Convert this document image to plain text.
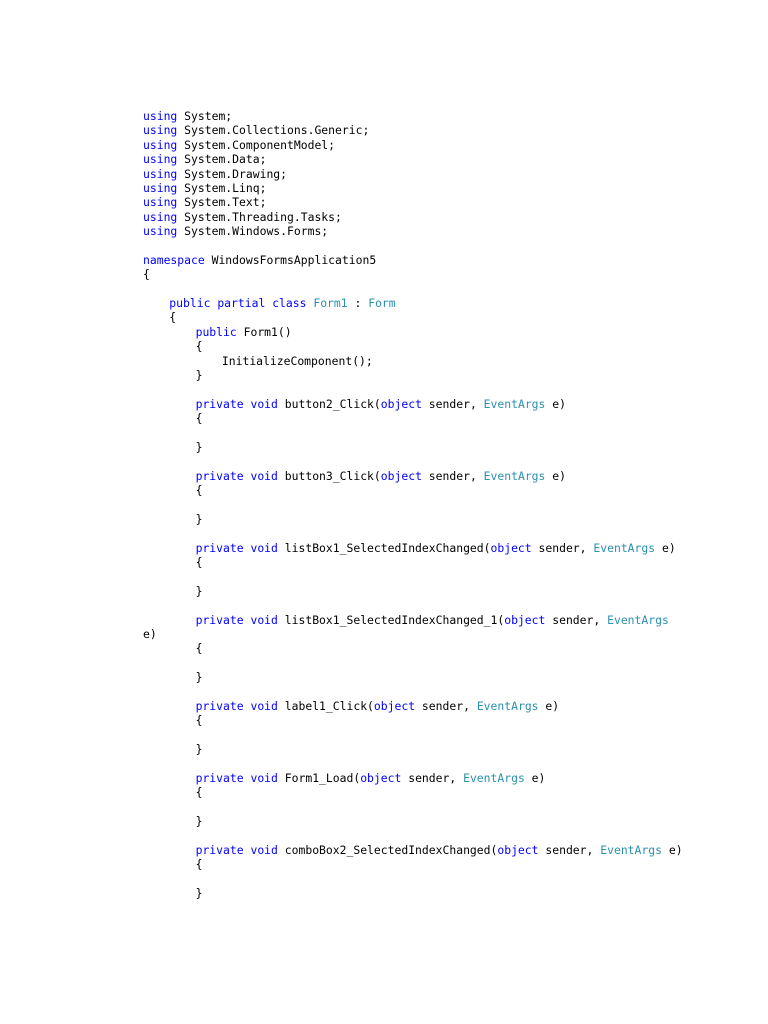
using System;
using System.Collections.Generic;
using System.ComponentModel;
using System.Data;
using System.Drawing;
using System.Linq;
using System.Text;
using System.Threading.Tasks;
using System.Windows.Forms;
namespace WindowsFormsApplication5
{
public partial class Form1 : Form
{
public Form1()
{
InitializeComponent();
}
private void button2_Click(object sender, EventArgs e)
{
}
private void button3_Click(object sender, EventArgs e)
{
}
private void listBox1_SelectedIndexChanged(object sender, EventArgs e)
{
}
private void listBox1_SelectedIndexChanged_1(object sender, EventArgs
e)
{
}
private void label1_Click(object sender, EventArgs e)
{
}
private void Form1_Load(object sender, EventArgs e)
{
}
private void comboBox2_SelectedIndexChanged(object sender, EventArgs e)
{
}
